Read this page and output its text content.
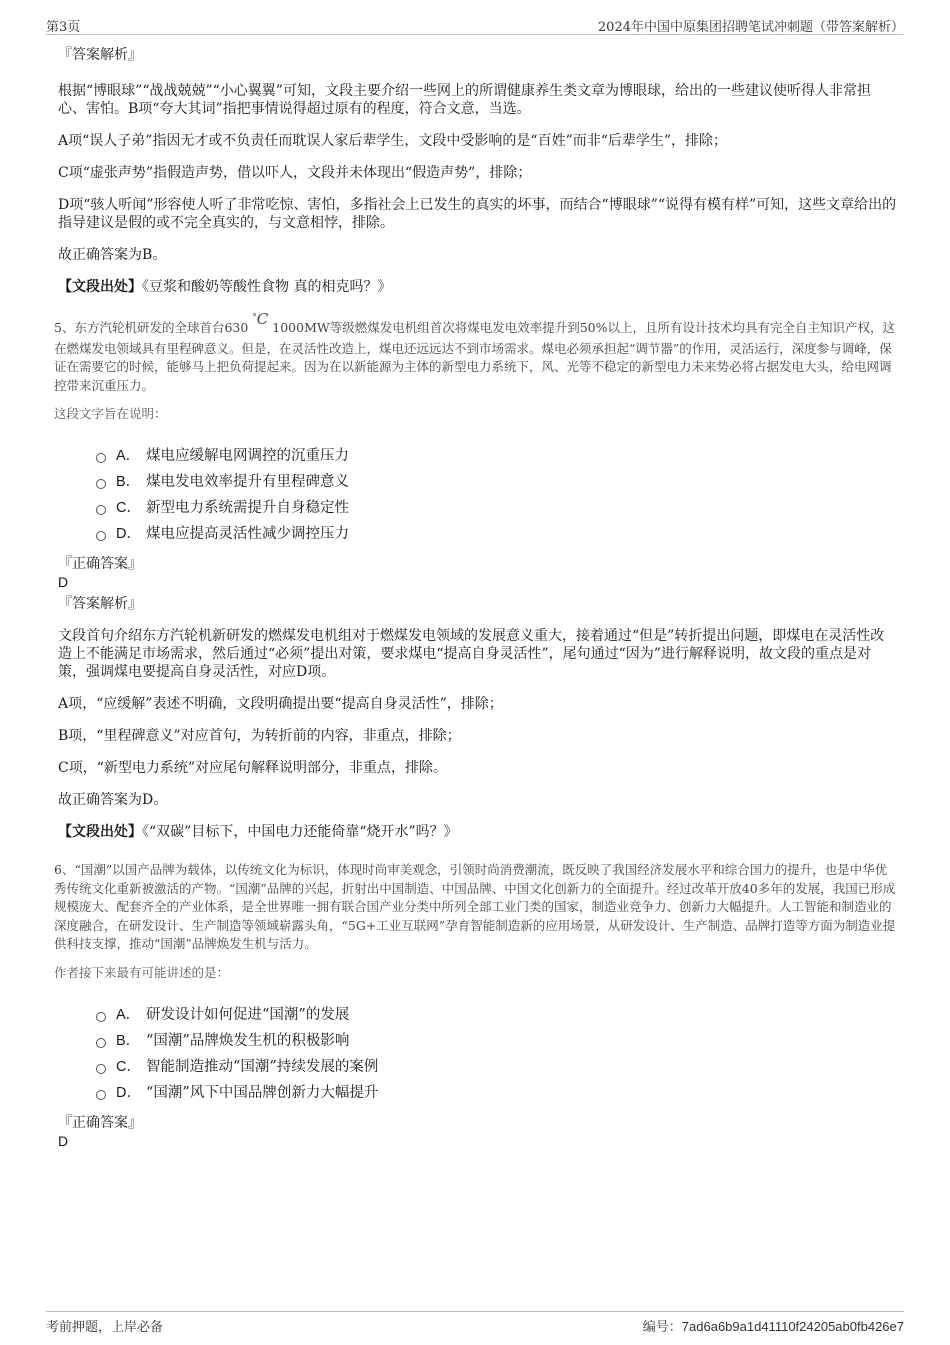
第3页	2024年中国中原集团招聘笔试冲刺题（带答案解析）

『答案解析』

根据“博眼球”“战战兢兢”“小心翼翼”可知，文段主要介绍一些网上的所谓健康养生类文章为博眼球，给出的一些建议使听得人非常担心、害怕。B项“夸大其词”指把事情说得超过原有的程度，符合文意，当选。

A项“误人子弟”指因无才或不负责任而耽误人家后辈学生，文段中受影响的是“百姓”而非“后辈学生”，排除；

C项“虚张声势”指假造声势，借以吓人，文段并未体现出“假造声势”，排除；

D项“骇人听闻”形容使人听了非常吃惊、害怕，多指社会上已发生的真实的坏事，而结合“博眼球”“说得有模有样”可知，这些文章给出的指导建议是假的或不完全真实的，与文意相悖，排除。

故正确答案为B。

【文段出处】《豆浆和酸奶等酸性食物 真的相克吗？》

5、东方汽轮机研发的全球首台630 °C 1000MW等级燃煤发电机组首次将煤电发电效率提升到50%以上，且所有设计技术均具有完全自主知识产权，这在燃煤发电领域具有里程碑意义。但是，在灵活性改造上，煤电还远远达不到市场需求。煤电必须承担起“调节器”的作用，灵活运行，深度参与调峰，保证在需要它的时候，能够马上把负荷提起来。因为在以新能源为主体的新型电力系统下，风、光等不稳定的新型电力未来势必将占据发电大头，给电网调控带来沉重压力。

这段文字旨在说明：

A． 煤电应缓解电网调控的沉重压力
B． 煤电发电效率提升有里程碑意义
C． 新型电力系统需提升自身稳定性
D． 煤电应提高灵活性减少调控压力

『正确答案』

D

『答案解析』

文段首句介绍东方汽轮机新研发的燃煤发电机组对于燃煤发电领域的发展意义重大，接着通过“但是”转折提出问题，即煤电在灵活性改造上不能满足市场需求，然后通过“必须”提出对策，要求煤电“提高自身灵活性”，尾句通过“因为”进行解释说明，故文段的重点是对策，强调煤电要提高自身灵活性，对应D项。

A项，“应缓解”表述不明确，文段明确提出要“提高自身灵活性”，排除；

B项，“里程碑意义”对应首句，为转折前的内容，非重点，排除；

C项，“新型电力系统”对应尾句解释说明部分，非重点，排除。

故正确答案为D。

【文段出处】《“双碳”目标下，中国电力还能倚靠“烧开水”吗？》

6、“国潮”以国产品牌为载体，以传统文化为标识，体现时尚审美观念，引领时尚消费潮流，既反映了我国经济发展水平和综合国力的提升，也是中华优秀传统文化重新被激活的产物。“国潮”品牌的兴起，折射出中国制造、中国品牌、中国文化创新力的全面提升。经过改革开放40多年的发展，我国已形成规模庞大、配套齐全的产业体系，是全世界唯一拥有联合国产业分类中所列全部工业门类的国家，制造业竞争力、创新力大幅提升。人工智能和制造业的深度融合，在研发设计、生产制造等领域崭露头角，“5G+工业互联网”孕育智能制造新的应用场景，从研发设计、生产制造、品牌打造等方面为制造业提供科技支撑，推动“国潮”品牌焕发生机与活力。

作者接下来最有可能讲述的是：

A． 研发设计如何促进“国潮”的发展
B． “国潮”品牌焕发生机的积极影响
C． 智能制造推动“国潮”持续发展的案例
D． “国潮”风下中国品牌创新力大幅提升

『正确答案』

D

考前押题，上岸必备	编号：7ad6a6b9a1d41110f24205ab0fb426e7
